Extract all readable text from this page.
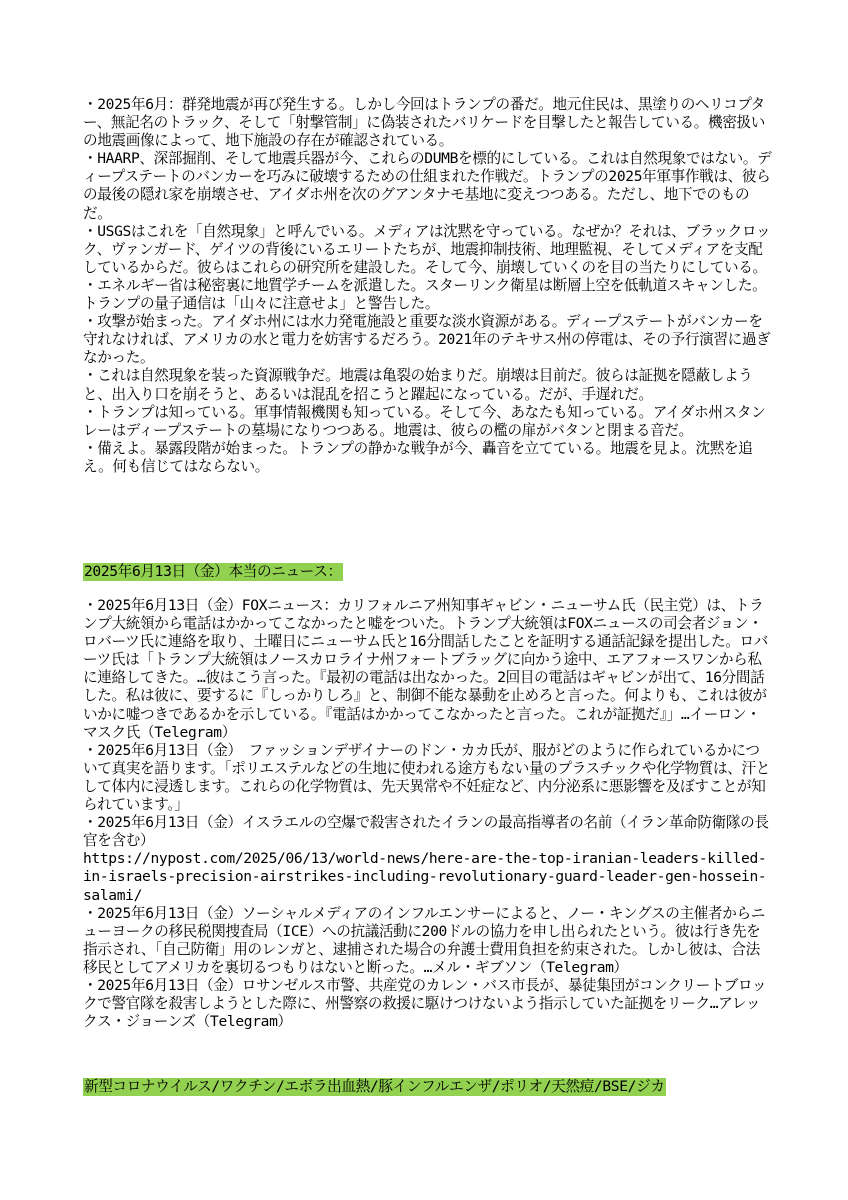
・2025年6月：群発地震が再び発生する。しかし今回はトランプの番だ。地元住民は、黒塗りのヘリコプター、無記名のトラック、そして「射撃管制」に偽装されたバリケードを目撃したと報告している。機密扱いの地震画像によって、地下施設の存在が確認されている。

・HAARP、深部掘削、そして地震兵器が今、これらのDUMBを標的にしている。これは自然現象ではない。ディープステートのバンカーを巧みに破壊するための仕組まれた作戦だ。トランプの2025年軍事作戦は、彼らの最後の隠れ家を崩壊させ、アイダホ州を次のグアンタナモ基地に変えつつある。ただし、地下でのものだ。

・USGSはこれを「自然現象」と呼んでいる。メディアは沈黙を守っている。なぜか？それは、ブラックロック、ヴァンガード、ゲイツの背後にいるエリートたちが、地震抑制技術、地理監視、そしてメディアを支配しているからだ。彼らはこれらの研究所を建設した。そして今、崩壊していくのを目の当たりにしている。

・エネルギー省は秘密裏に地質学チームを派遣した。スターリンク衛星は断層上空を低軌道スキャンした。トランプの量子通信は「山々に注意せよ」と警告した。

・攻撃が始まった。アイダホ州には水力発電施設と重要な淡水資源がある。ディープステートがバンカーを守れなければ、アメリカの水と電力を妨害するだろう。2021年のテキサス州の停電は、その予行演習に過ぎなかった。

・これは自然現象を装った資源戦争だ。地震は亀裂の始まりだ。崩壊は目前だ。彼らは証拠を隠蔽しようと、出入り口を崩そうと、あるいは混乱を招こうと躍起になっている。だが、手遅れだ。

・トランプは知っている。軍事情報機関も知っている。そして今、あなたも知っている。アイダホ州スタンレーはディープステートの墓場になりつつある。地震は、彼らの檻の扉がバタンと閉まる音だ。

・備えよ。暴露段階が始まった。トランプの静かな戦争が今、轟音を立てている。地震を見よ。沈黙を追え。何も信じてはならない。

2025年6月13日（金）本当のニュース：

・2025年6月13日（金）FOXニュース：カリフォルニア州知事ギャビン・ニューサム氏（民主党）は、トランプ大統領から電話はかかってこなかったと嘘をついた。トランプ大統領はFOXニュースの司会者ジョン・ロバーツ氏に連絡を取り、土曜日にニューサム氏と16分間話したことを証明する通話記録を提出した。ロバーツ氏は「トランプ大統領はノースカロライナ州フォートブラッグに向かう途中、エアフォースワンから私に連絡してきた。…彼はこう言った。『最初の電話は出なかった。2回目の電話はギャビンが出て、16分間話した。私は彼に、要するに『しっかりしろ』と、制御不能な暴動を止めろと言った。何よりも、これは彼がいかに嘘つきであるかを示している。『電話はかかってこなかったと言った。これが証拠だ』」…イーロン・マスク氏（Telegram）

・2025年6月13日（金）　ファッションデザイナーのドン・カカ氏が、服がどのように作られているかについて真実を語ります。「ポリエステルなどの生地に使われる途方もない量のプラスチックや化学物質は、汗として体内に浸透します。これらの化学物質は、先天異常や不妊症など、内分泌系に悪影響を及ぼすことが知られています。」

・2025年6月13日（金）イスラエルの空爆で殺害されたイランの最高指導者の名前（イラン革命防衛隊の長官を含む）

https://nypost.com/2025/06/13/world-news/here-are-the-top-iranian-leaders-killed-in-israels-precision-airstrikes-including-revolutionary-guard-leader-gen-hossein-salami/

・2025年6月13日（金）ソーシャルメディアのインフルエンサーによると、ノー・キングスの主催者からニューヨークの移民税関捜査局（ICE）への抗議活動に200ドルの協力を申し出られたという。彼は行き先を指示され、「自己防衛」用のレンガと、逮捕された場合の弁護士費用負担を約束された。しかし彼は、合法移民としてアメリカを裏切るつもりはないと断った。…メル・ギブソン（Telegram）

・2025年6月13日（金）ロサンゼルス市警、共産党のカレン・バス市長が、暴徒集団がコンクリートブロックで警官隊を殺害しようとした際に、州警察の救援に駆けつけないよう指示していた証拠をリーク…アレックス・ジョーンズ（Telegram）

新型コロナウイルス/ワクチン/エボラ出血熱/豚インフルエンザ/ポリオ/天然痘/BSE/ジカ
